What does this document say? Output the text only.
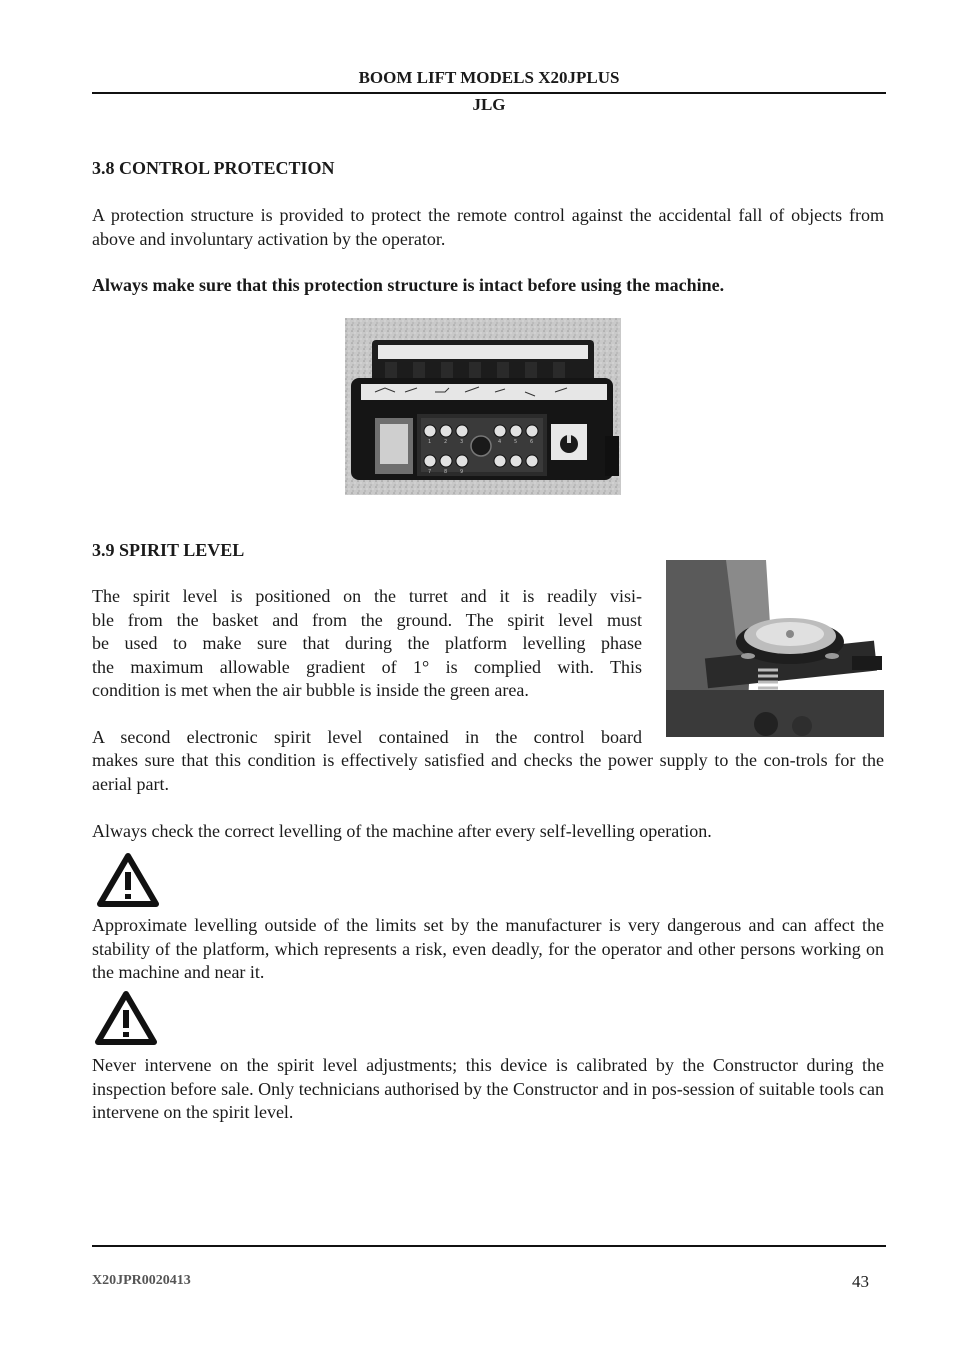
BOOM LIFT MODELS X20JPLUS
JLG
3.8 CONTROL PROTECTION

A protection structure is provided to protect the remote control against the accidental fall of objects from above and involuntary activation by the operator.

Always make sure that this protection structure is intact before using the machine.

1	2	3	4	5	6
7	8	9
3.9 SPIRIT LEVEL
The spirit level is positioned on the turret and it is readily visi-
ble from the basket and from the ground. The spirit level must
be used to make sure that during the platform levelling phase
the maximum allowable gradient of 1° is complied with. This
condition is met when the air bubble is inside the green area.
A second electronic spirit level contained in the control board

makes sure that this condition is effectively satisfied and checks the power supply to the con-trols for the aerial part.

Always check the correct levelling of the machine after every self-levelling operation.

Approximate levelling outside of the limits set by the manufacturer is very dangerous and can affect the stability of the platform, which represents a risk, even deadly, for the operator and other persons working on the machine and near it.

Never intervene on the spirit level adjustments; this device is calibrated by the Constructor during the inspection before sale. Only technicians authorised by the Constructor and in pos-session of suitable tools can intervene on the spirit level.

X20JPR0020413	43
